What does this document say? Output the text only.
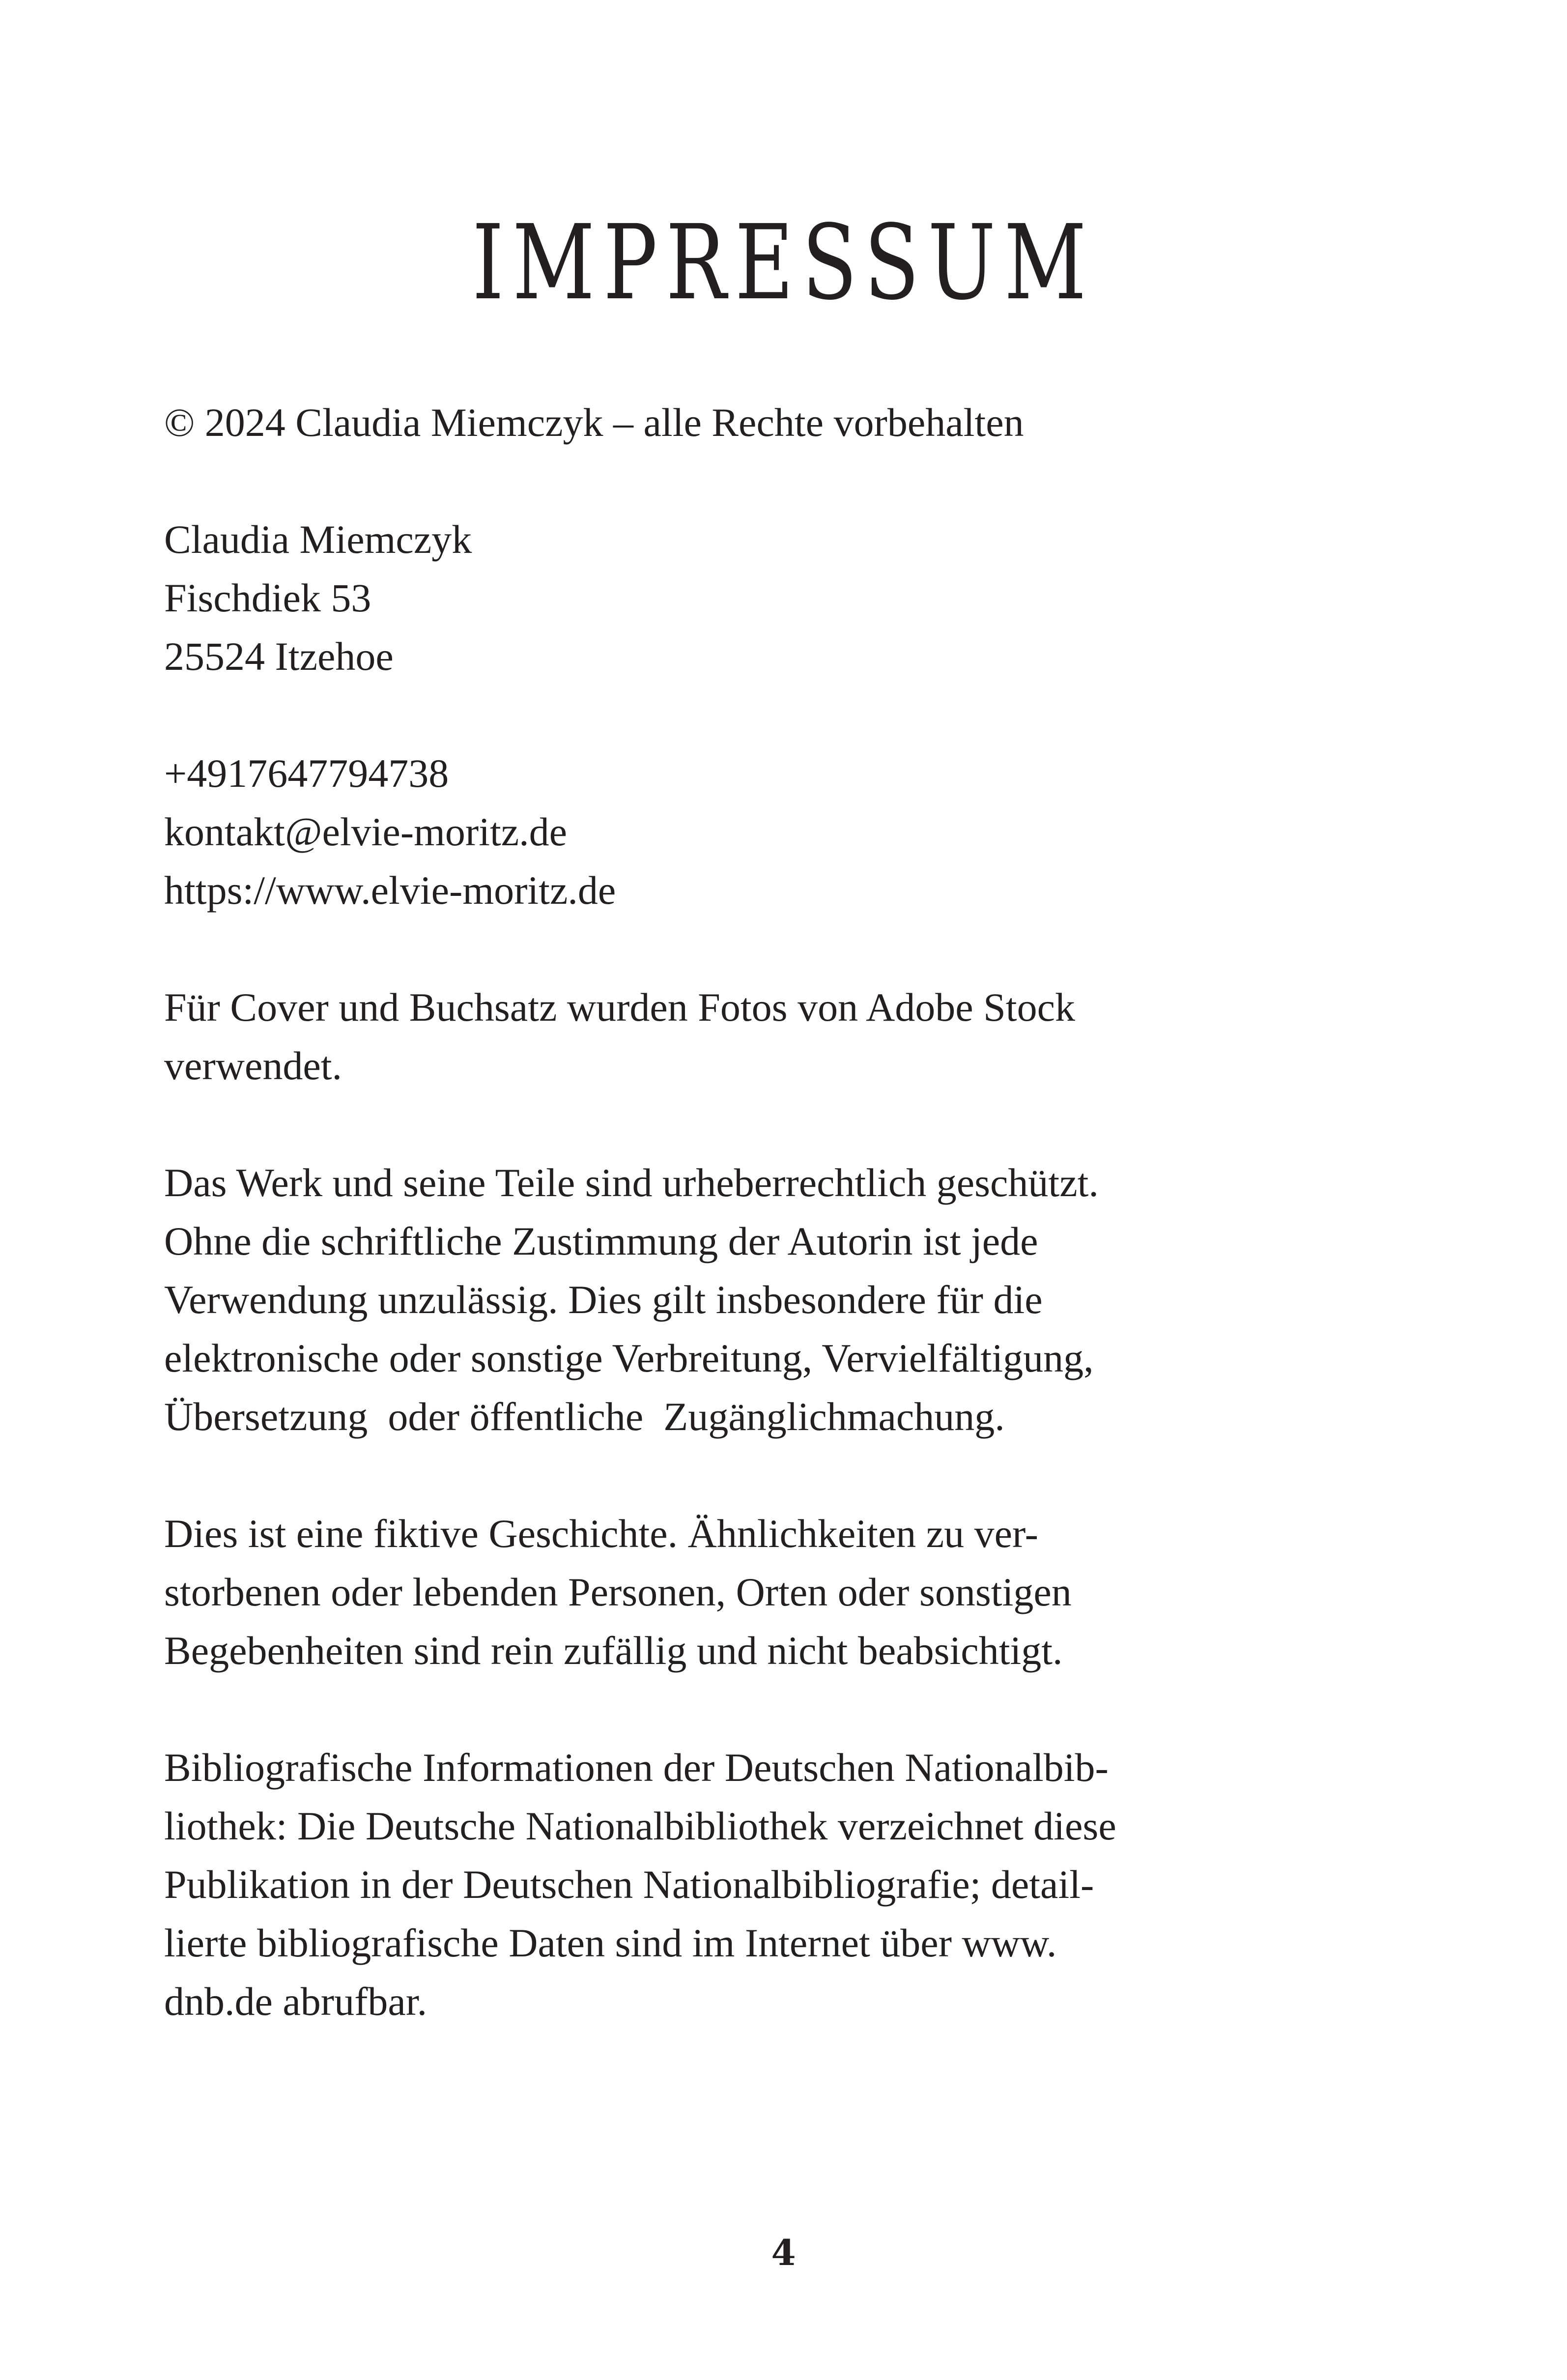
IMPRESSUM

© 2024 Claudia Miemczyk – alle Rechte vorbehalten

Claudia Miemczyk
Fischdiek 53
25524 Itzehoe

+4917647794738
kontakt@elvie-moritz.de
https://www.elvie-moritz.de

Für Cover und Buchsatz wurden Fotos von Adobe Stock
verwendet.

Das Werk und seine Teile sind urheberrechtlich geschützt.
Ohne die schriftliche Zustimmung der Autorin ist jede
Verwendung unzulässig. Dies gilt insbesondere für die
elektronische oder sonstige Verbreitung, Vervielfältigung,
Übersetzung  oder öffentliche  Zugänglichmachung.

Dies ist eine fiktive Geschichte. Ähnlichkeiten zu ver-
storbenen oder lebenden Personen, Orten oder sonstigen
Begebenheiten sind rein zufällig und nicht beabsichtigt.

Bibliografische Informationen der Deutschen Nationalbib-
liothek: Die Deutsche Nationalbibliothek verzeichnet diese
Publikation in der Deutschen Nationalbibliografie; detail-
lierte bibliografische Daten sind im Internet über www.
dnb.de abrufbar.

4
